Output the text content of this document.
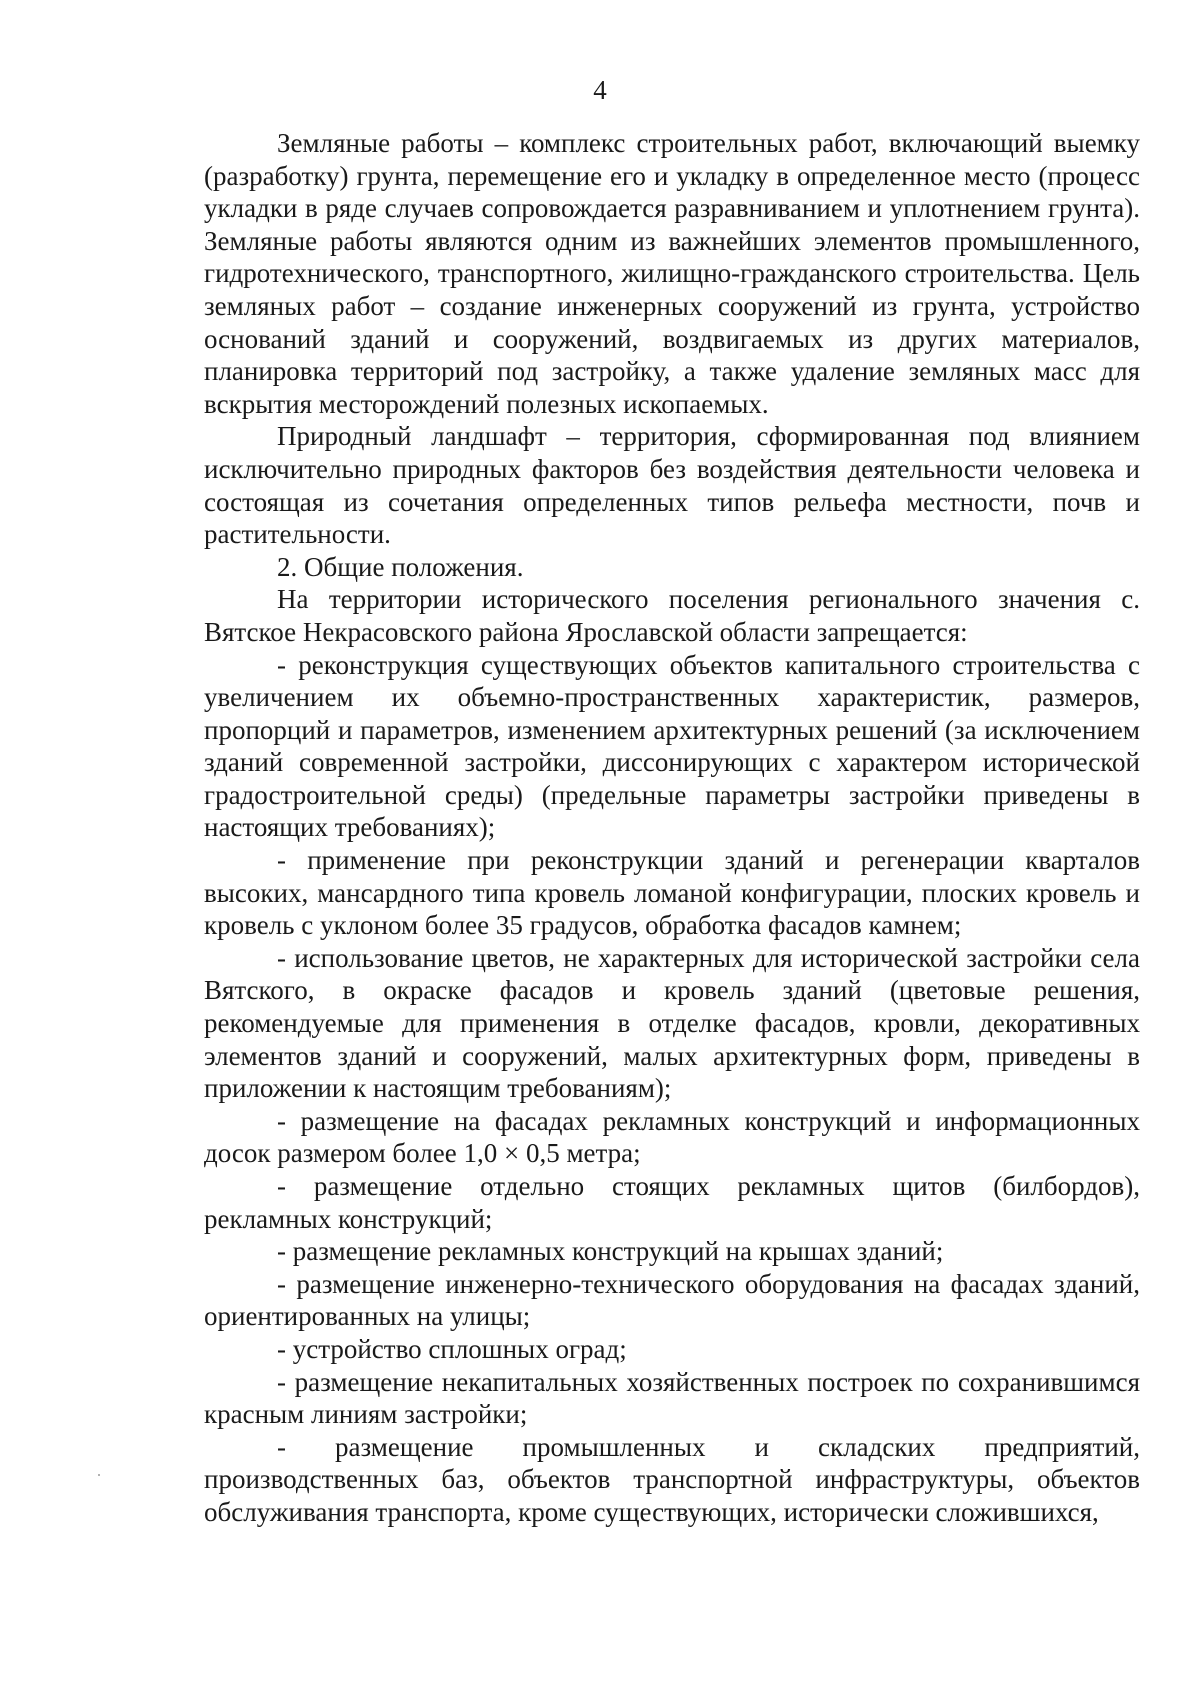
4

Земляные работы – комплекс строительных работ, включающий выемку (разработку) грунта, перемещение его и укладку в определенное место (процесс укладки в ряде случаев сопровождается разравниванием и уплотнением грунта). Земляные работы являются одним из важнейших элементов промышленного, гидротехнического, транспортного, жилищно-гражданского строительства. Цель земляных работ – создание инженерных сооружений из грунта, устройство оснований зданий и сооружений, воздвигаемых из других материалов, планировка территорий под застройку, а также удаление земляных масс для вскрытия месторождений полезных ископаемых.

Природный ландшафт – территория, сформированная под влиянием исключительно природных факторов без воздействия деятельности человека и состоящая из сочетания определенных типов рельефа местности, почв и растительности.

2. Общие положения.

На территории исторического поселения регионального значения с. Вятское Некрасовского района Ярославской области запрещается:

- реконструкция существующих объектов капитального строительства с увеличением их объемно-пространственных характеристик, размеров, пропорций и параметров, изменением архитектурных решений (за исключением зданий современной застройки, диссонирующих с характером исторической градостроительной среды) (предельные параметры застройки приведены в настоящих требованиях);

- применение при реконструкции зданий и регенерации кварталов высоких, мансардного типа кровель ломаной конфигурации, плоских кровель и кровель с уклоном более 35 градусов, обработка фасадов камнем;

- использование цветов, не характерных для исторической застройки села Вятского, в окраске фасадов и кровель зданий (цветовые решения, рекомендуемые для применения в отделке фасадов, кровли, декоративных элементов зданий и сооружений, малых архитектурных форм, приведены в приложении к настоящим требованиям);

- размещение на фасадах рекламных конструкций и информационных досок размером более 1,0 × 0,5 метра;

- размещение отдельно стоящих рекламных щитов (билбордов), рекламных конструкций;

- размещение рекламных конструкций на крышах зданий;

- размещение инженерно-технического оборудования на фасадах зданий, ориентированных на улицы;

- устройство сплошных оград;

- размещение некапитальных хозяйственных построек по сохранившимся красным линиям застройки;

- размещение промышленных и складских предприятий, производственных баз, объектов транспортной инфраструктуры, объектов обслуживания транспорта, кроме существующих, исторически сложившихся,
